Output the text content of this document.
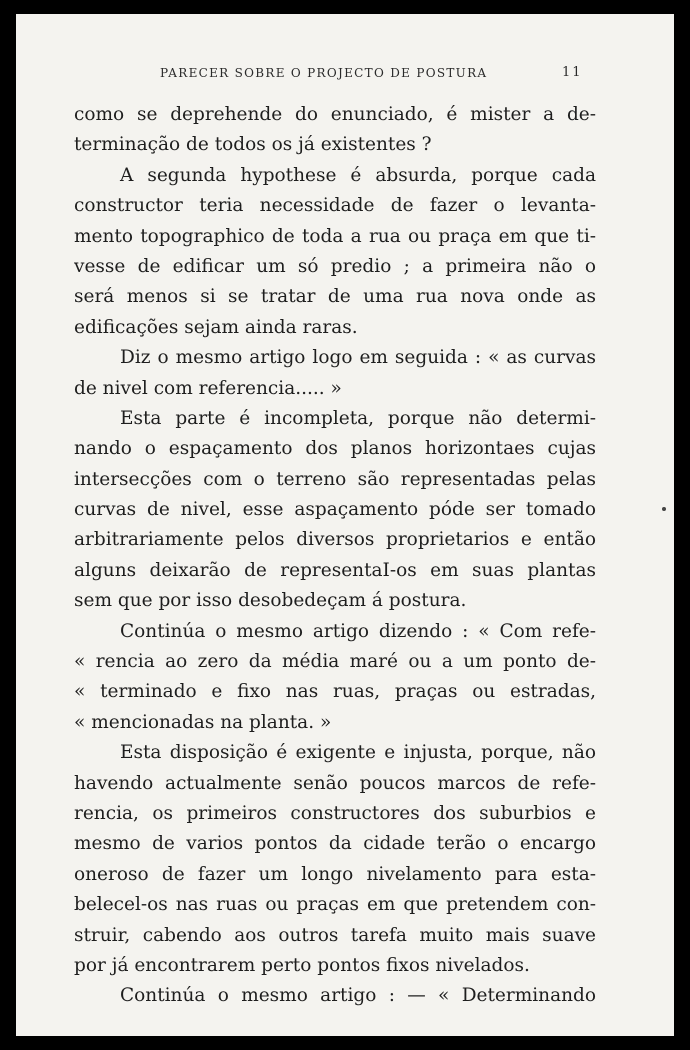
PARECER SOBRE O PROJECTO DE POSTURA	11
como se deprehende do enunciado, é mister a de-
terminação de todos os já existentes ?
A segunda hypothese é absurda, porque cada
constructor teria necessidade de fazer o levanta-
mento topographico de toda a rua ou praça em que ti-
vesse de edificar um só predio ; a primeira não o
será menos si se tratar de uma rua nova onde as
edificações sejam ainda raras.
Diz o mesmo artigo logo em seguida : « as curvas
de nivel com referencia..... »
Esta parte é incompleta, porque não determi-
nando o espaçamento dos planos horizontaes cujas
intersecções com o terreno são representadas pelas
curvas de nivel, esse aspaçamento póde ser tomado
arbitrariamente pelos diversos proprietarios e então
alguns deixarão de representaI-os em suas plantas
sem que por isso desobedeçam á postura.
Continúa o mesmo artigo dizendo : « Com refe-
« rencia ao zero da média maré ou a um ponto de-
« terminado e fixo nas ruas, praças ou estradas,
« mencionadas na planta. »
Esta disposição é exigente e injusta, porque, não
havendo actualmente senão poucos marcos de refe-
rencia, os primeiros constructores dos suburbios e
mesmo de varios pontos da cidade terão o encargo
oneroso de fazer um longo nivelamento para esta-
belecel-os nas ruas ou praças em que pretendem con-
struir, cabendo aos outros tarefa muito mais suave
por já encontrarem perto pontos fixos nivelados.
Continúa o mesmo artigo : — « Determinando
